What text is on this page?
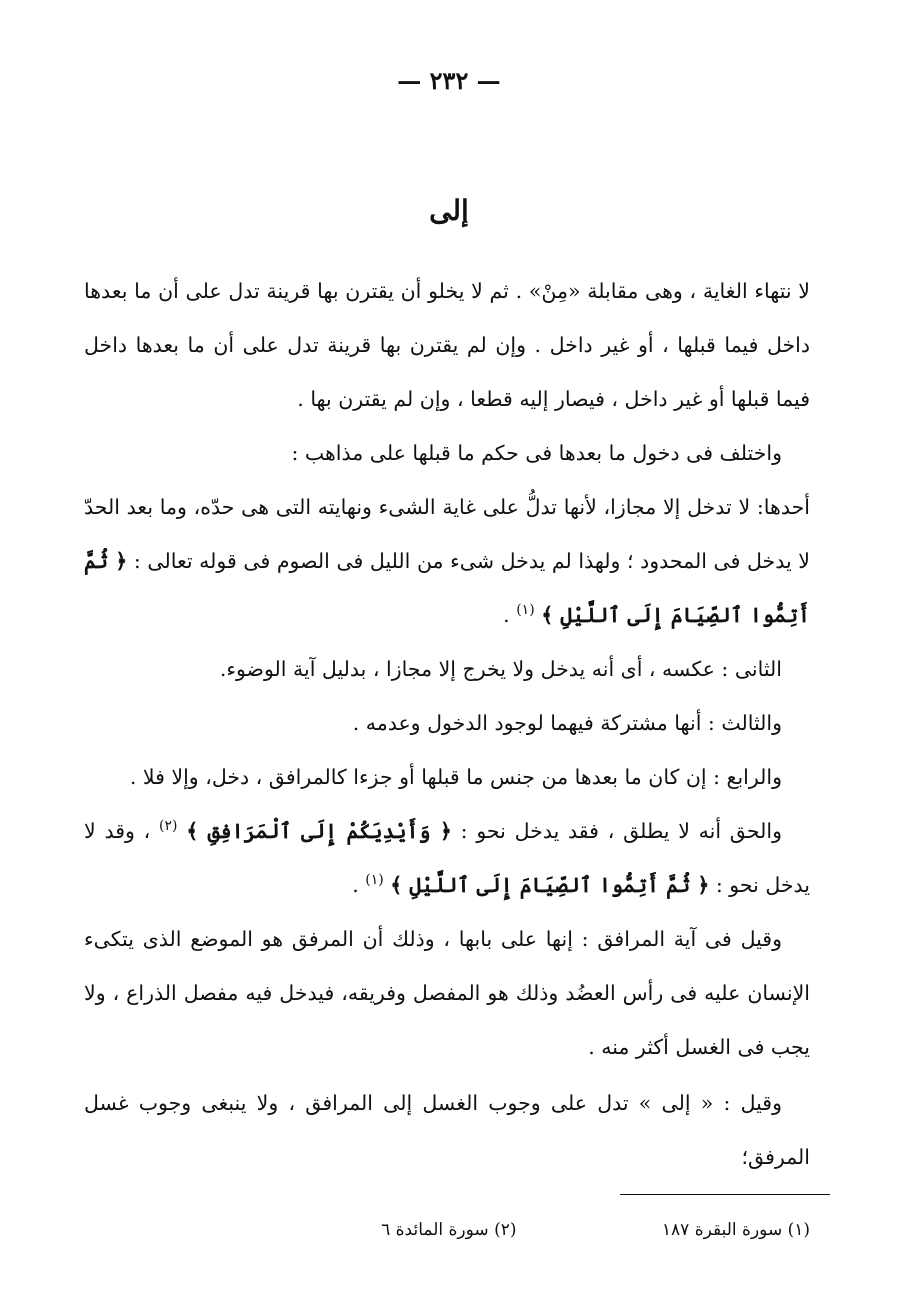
— ٢٣٢ —
إلى

لا نتهاء الغاية ، وهى مقابلة «مِنْ» . ثم لا يخلو أن يقترن بها قرينة تدل على أن ما بعدها داخل فيما قبلها ، أو غير داخل . وإن لم يقترن بها قرينة تدل على أن ما بعدها داخل فيما قبلها أو غير داخل ، فيصار إليه قطعا ، وإن لم يقترن بها .

واختلف فى دخول ما بعدها فى حكم ما قبلها على مذاهب :

أحدها: لا تدخل إلا مجازا، لأنها تدلُّ على غاية الشىء ونهايته التى هى حدّه، وما بعد الحدّ لا يدخل فى المحدود ؛ ولهذا لم يدخل شىء من الليل فى الصوم فى قوله تعالى : ﴿ ثُمَّ أَتِمُّوا ٱلصِّيَامَ إِلَى ٱللَّيْلِ ﴾ $^{(١)}$ .

الثانى : عكسه ، أى أنه يدخل ولا يخرج إلا مجازا ، بدليل آية الوضوء.

والثالث : أنها مشتركة فيهما لوجود الدخول وعدمه .

والرابع : إن كان ما بعدها من جنس ما قبلها أو جزءا كالمرافق ، دخل، وإلا فلا .

والحق أنه لا يطلق ، فقد يدخل نحو : ﴿ وَأَيْدِيَكُمْ إِلَى ٱلْمَرَافِقِ ﴾ $^{(٢)}$ ، وقد لا يدخل نحو : ﴿ ثُمَّ أَتِمُّوا ٱلصِّيَامَ إِلَى ٱللَّيْلِ ﴾ $^{(١)}$ .

وقيل فى آية المرافق : إنها على بابها ، وذلك أن المرفق هو الموضع الذى يتكىء الإنسان عليه فى رأس العضُد وذلك هو المفصل وفريقه، فيدخل فيه مفصل الذراع ، ولا يجب فى الغسل أكثر منه .

وقيل : « إلى » تدل على وجوب الغسل إلى المرافق ، ولا ينبغى وجوب غسل المرفق؛

(١) سورة البقرة ١٨٧ (٢) سورة المائدة ٦
